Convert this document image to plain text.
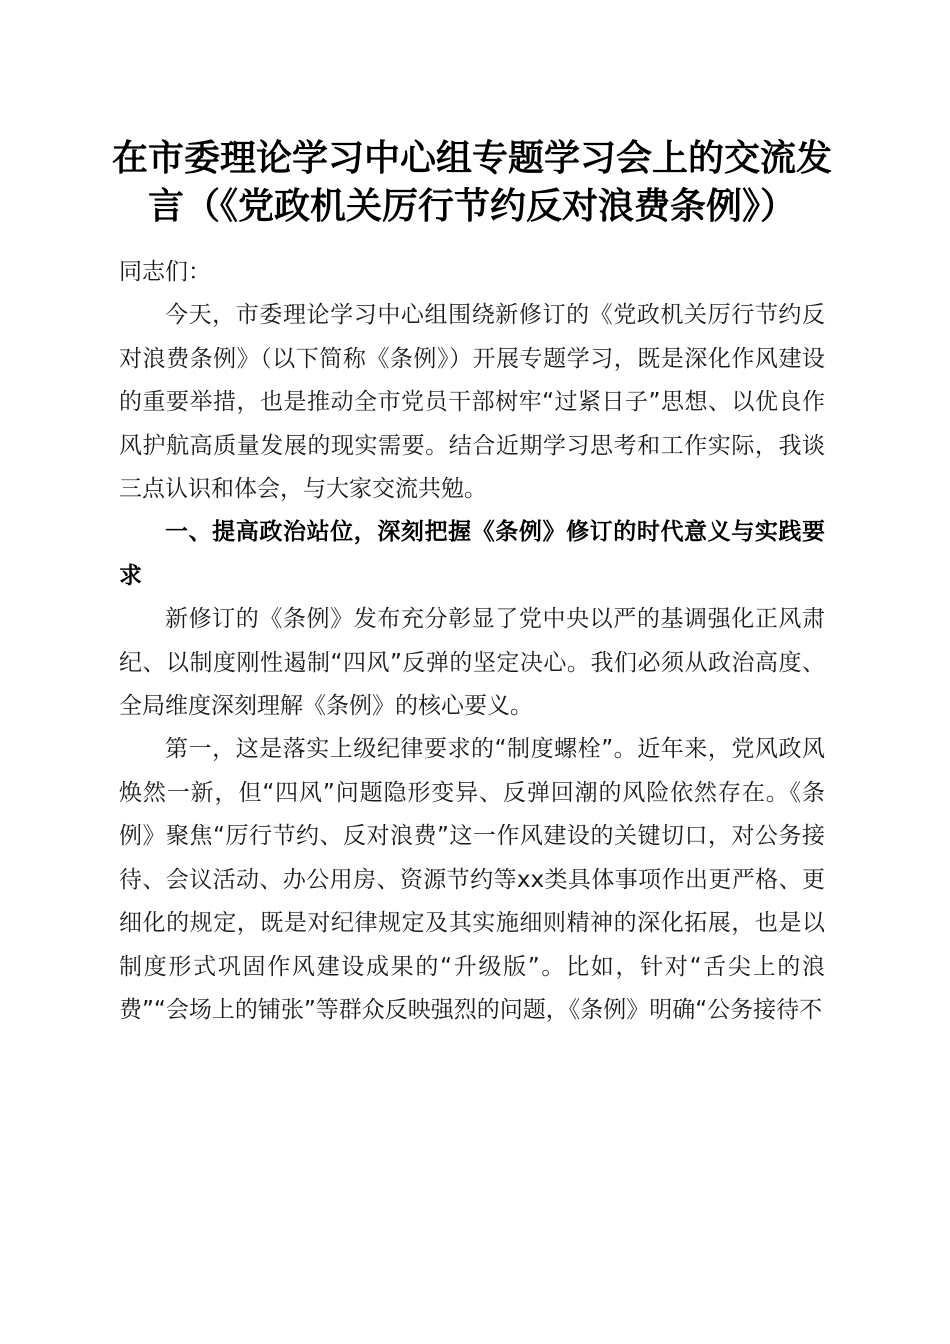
在市委理论学习中心组专题学习会上的交流发言（《党政机关厉行节约反对浪费条例》）

同志们：

今天，市委理论学习中心组围绕新修订的《党政机关厉行节约反对浪费条例》（以下简称《条例》）开展专题学习，既是深化作风建设的重要举措，也是推动全市党员干部树牢“过紧日子”思想、以优良作风护航高质量发展的现实需要。结合近期学习思考和工作实际，我谈三点认识和体会，与大家交流共勉。

一、提高政治站位，深刻把握《条例》修订的时代意义与实践要求

新修订的《条例》发布充分彰显了党中央以严的基调强化正风肃纪、以制度刚性遏制“四风”反弹的坚定决心。我们必须从政治高度、全局维度深刻理解《条例》的核心要义。

第一，这是落实上级纪律要求的“制度螺栓”。近年来，党风政风焕然一新，但“四风”问题隐形变异、反弹回潮的风险依然存在。《条例》聚焦“厉行节约、反对浪费”这一作风建设的关键切口，对公务接待、会议活动、办公用房、资源节约等xx类具体事项作出更严格、更细化的规定，既是对纪律规定及其实施细则精神的深化拓展，也是以制度形式巩固作风建设成果的“升级版”。比如，针对“舌尖上的浪费”“会场上的铺张”等群众反映强烈的问题，《条例》明确“公务接待不
